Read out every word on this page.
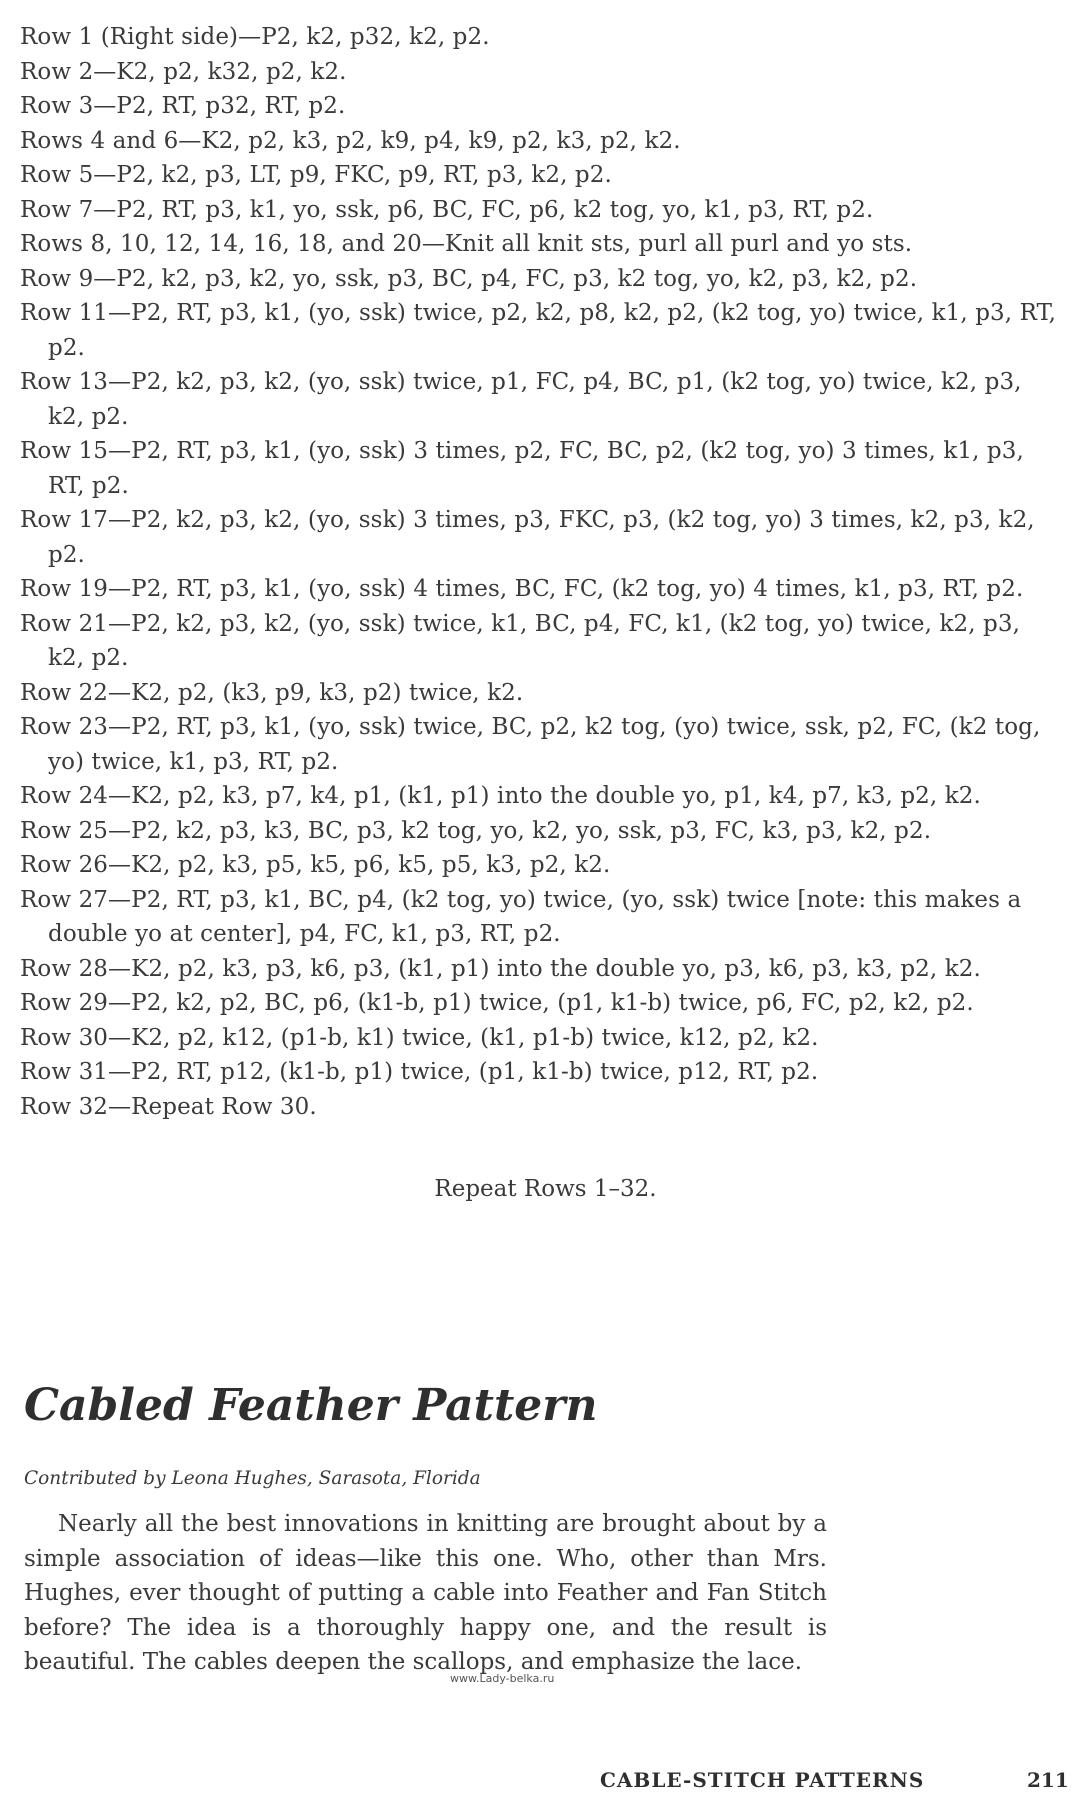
Row 1 (Right side)—P2, k2, p32, k2, p2.

Row 2—K2, p2, k32, p2, k2.

Row 3—P2, RT, p32, RT, p2.

Rows 4 and 6—K2, p2, k3, p2, k9, p4, k9, p2, k3, p2, k2.

Row 5—P2, k2, p3, LT, p9, FKC, p9, RT, p3, k2, p2.

Row 7—P2, RT, p3, k1, yo, ssk, p6, BC, FC, p6, k2 tog, yo, k1, p3, RT, p2.

Rows 8, 10, 12, 14, 16, 18, and 20—Knit all knit sts, purl all purl and yo sts.

Row 9—P2, k2, p3, k2, yo, ssk, p3, BC, p4, FC, p3, k2 tog, yo, k2, p3, k2, p2.

Row 11—P2, RT, p3, k1, (yo, ssk) twice, p2, k2, p8, k2, p2, (k2 tog, yo) twice, k1, p3, RT, p2.

Row 13—P2, k2, p3, k2, (yo, ssk) twice, p1, FC, p4, BC, p1, (k2 tog, yo) twice, k2, p3, k2, p2.

Row 15—P2, RT, p3, k1, (yo, ssk) 3 times, p2, FC, BC, p2, (k2 tog, yo) 3 times, k1, p3, RT, p2.

Row 17—P2, k2, p3, k2, (yo, ssk) 3 times, p3, FKC, p3, (k2 tog, yo) 3 times, k2, p3, k2, p2.

Row 19—P2, RT, p3, k1, (yo, ssk) 4 times, BC, FC, (k2 tog, yo) 4 times, k1, p3, RT, p2.

Row 21—P2, k2, p3, k2, (yo, ssk) twice, k1, BC, p4, FC, k1, (k2 tog, yo) twice, k2, p3, k2, p2.

Row 22—K2, p2, (k3, p9, k3, p2) twice, k2.

Row 23—P2, RT, p3, k1, (yo, ssk) twice, BC, p2, k2 tog, (yo) twice, ssk, p2, FC, (k2 tog, yo) twice, k1, p3, RT, p2.

Row 24—K2, p2, k3, p7, k4, p1, (k1, p1) into the double yo, p1, k4, p7, k3, p2, k2.

Row 25—P2, k2, p3, k3, BC, p3, k2 tog, yo, k2, yo, ssk, p3, FC, k3, p3, k2, p2.

Row 26—K2, p2, k3, p5, k5, p6, k5, p5, k3, p2, k2.

Row 27—P2, RT, p3, k1, BC, p4, (k2 tog, yo) twice, (yo, ssk) twice [note: this makes a double yo at center], p4, FC, k1, p3, RT, p2.

Row 28—K2, p2, k3, p3, k6, p3, (k1, p1) into the double yo, p3, k6, p3, k3, p2, k2.

Row 29—P2, k2, p2, BC, p6, (k1-b, p1) twice, (p1, k1-b) twice, p6, FC, p2, k2, p2.

Row 30—K2, p2, k12, (p1-b, k1) twice, (k1, p1-b) twice, k12, p2, k2.

Row 31—P2, RT, p12, (k1-b, p1) twice, (p1, k1-b) twice, p12, RT, p2.

Row 32—Repeat Row 30.

Repeat Rows 1–32.
Cabled Feather Pattern
Contributed by Leona Hughes, Sarasota, Florida

Nearly all the best innovations in knitting are brought about by a simple association of ideas—like this one. Who, other than Mrs. Hughes, ever thought of putting a cable into Feather and Fan Stitch before? The idea is a thoroughly happy one, and the result is beautiful. The cables deepen the scallops, and emphasize the lace.

www.Lady-belka.ru
CABLE-STITCH PATTERNS	211
